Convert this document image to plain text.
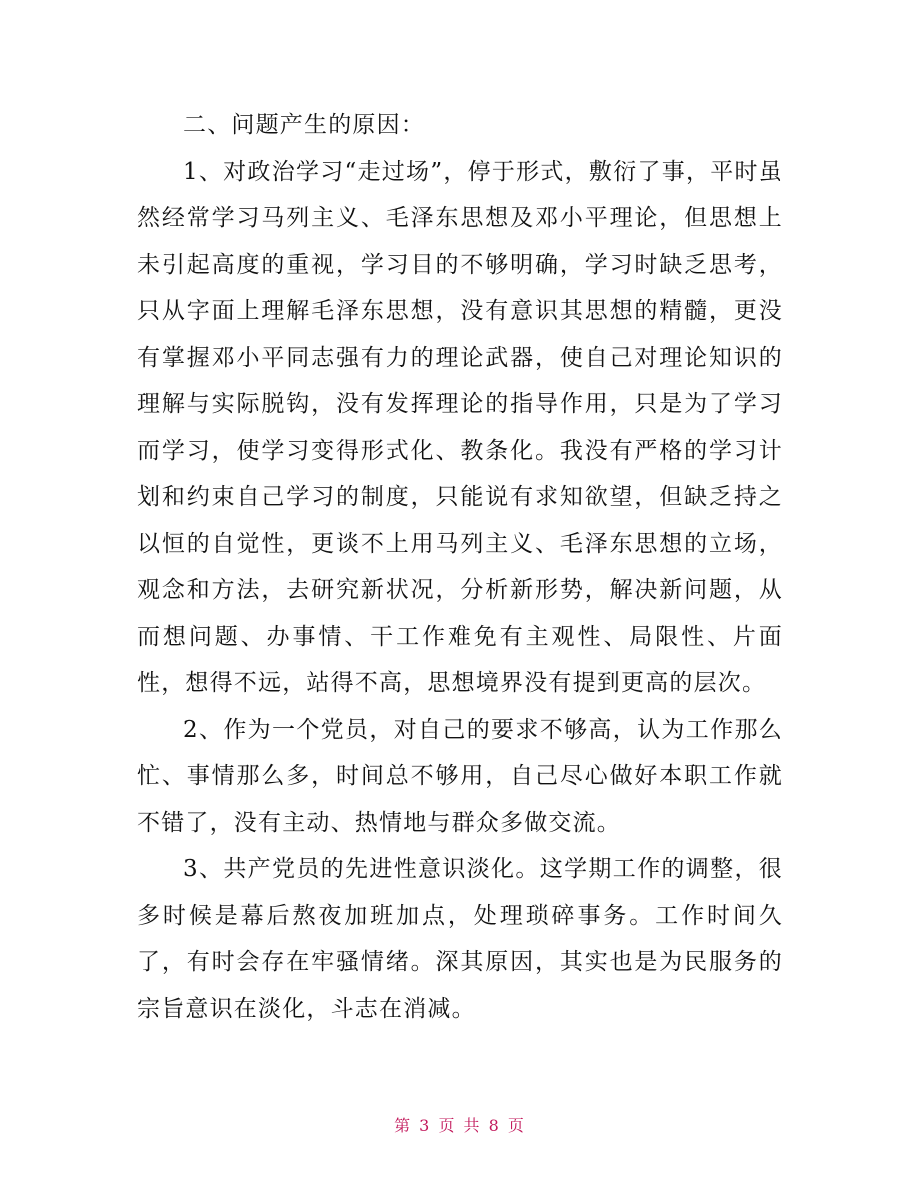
二、问题产生的原因：

1、对政治学习“走过场”，停于形式，敷衍了事，平时虽然经常学习马列主义、毛泽东思想及邓小平理论，但思想上未引起高度的重视，学习目的不够明确，学习时缺乏思考，只从字面上理解毛泽东思想，没有意识其思想的精髓，更没有掌握邓小平同志强有力的理论武器，使自己对理论知识的理解与实际脱钩，没有发挥理论的指导作用，只是为了学习而学习，使学习变得形式化、教条化。我没有严格的学习计划和约束自己学习的制度，只能说有求知欲望，但缺乏持之以恒的自觉性，更谈不上用马列主义、毛泽东思想的立场，观念和方法，去研究新状况，分析新形势，解决新问题，从而想问题、办事情、干工作难免有主观性、局限性、片面性，想得不远，站得不高，思想境界没有提到更高的层次。

2、作为一个党员，对自己的要求不够高，认为工作那么忙、事情那么多，时间总不够用，自己尽心做好本职工作就不错了，没有主动、热情地与群众多做交流。

3、共产党员的先进性意识淡化。这学期工作的调整，很多时候是幕后熬夜加班加点，处理琐碎事务。工作时间久了，有时会存在牢骚情绪。深其原因，其实也是为民服务的宗旨意识在淡化，斗志在消减。

第 3 页 共 8 页
